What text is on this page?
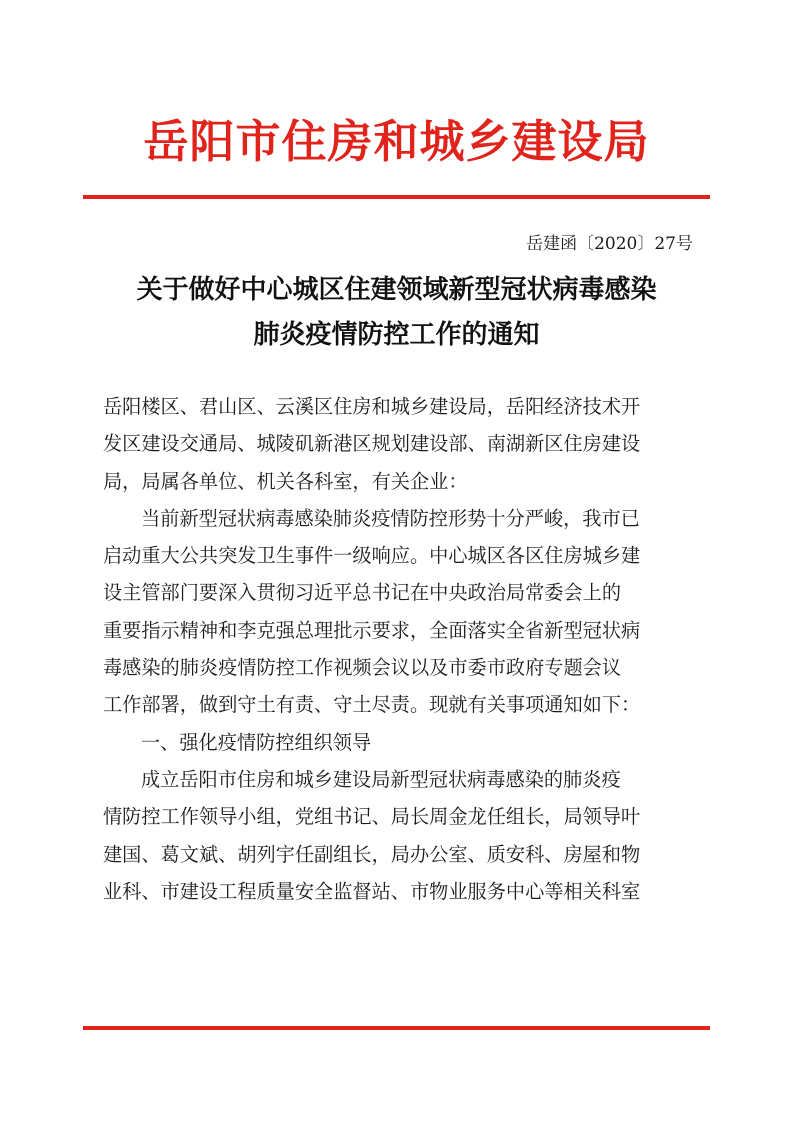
岳阳市住房和城乡建设局
岳建函〔2020〕27号
关于做好中心城区住建领域新型冠状病毒感染
肺炎疫情防控工作的通知
岳阳楼区、君山区、云溪区住房和城乡建设局，岳阳经济技术开
发区建设交通局、城陵矶新港区规划建设部、南湖新区住房建设
局，局属各单位、机关各科室，有关企业：
当前新型冠状病毒感染肺炎疫情防控形势十分严峻，我市已
启动重大公共突发卫生事件一级响应。中心城区各区住房城乡建
设主管部门要深入贯彻习近平总书记在中央政治局常委会上的
重要指示精神和李克强总理批示要求，全面落实全省新型冠状病
毒感染的肺炎疫情防控工作视频会议以及市委市政府专题会议
工作部署，做到守土有责、守土尽责。现就有关事项通知如下：
一、强化疫情防控组织领导
成立岳阳市住房和城乡建设局新型冠状病毒感染的肺炎疫
情防控工作领导小组，党组书记、局长周金龙任组长，局领导叶
建国、葛文斌、胡列宇任副组长，局办公室、质安科、房屋和物
业科、市建设工程质量安全监督站、市物业服务中心等相关科室
